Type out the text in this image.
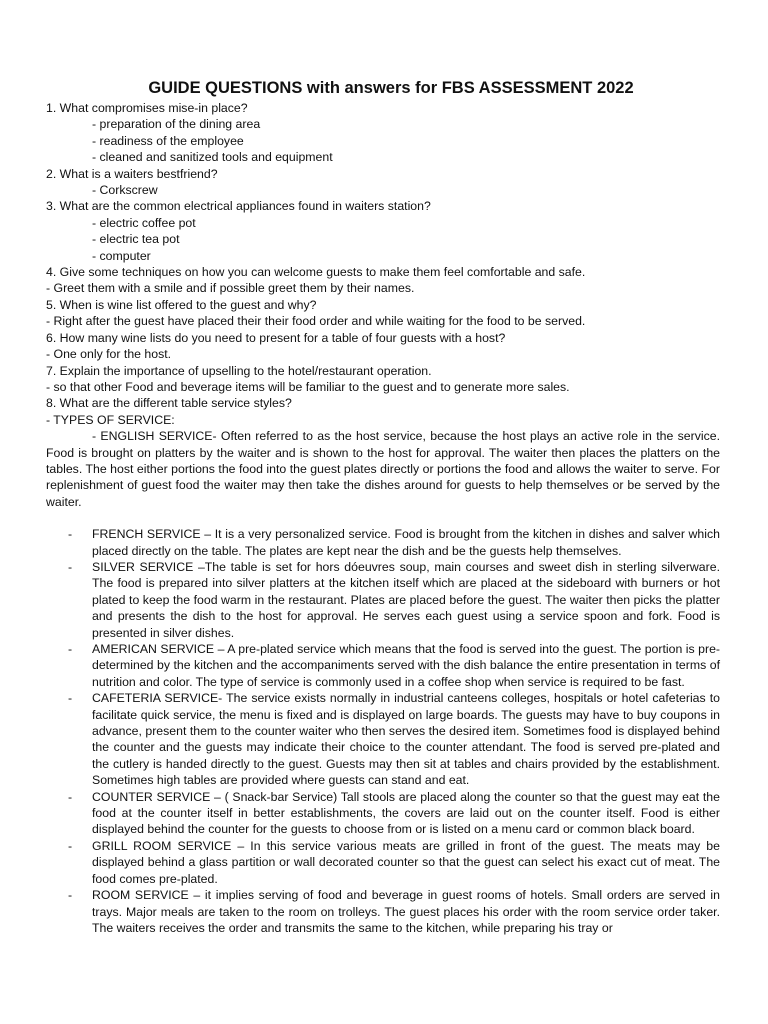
GUIDE QUESTIONS with answers for FBS ASSESSMENT 2022
1. What compromises mise-in place?
- preparation of the dining area
- readiness of the employee
- cleaned and sanitized tools and equipment
2. What is a waiters bestfriend?
- Corkscrew
3. What are the common electrical appliances found in waiters station?
- electric coffee pot
- electric tea pot
- computer
4. Give some techniques on how you can welcome guests to make them feel comfortable and safe.
- Greet them with a smile and if possible greet them by their names.
5. When is wine list offered to the guest and why?
- Right after the guest have placed their their food order and while waiting for the food to be served.
6. How many wine lists do you need to present for a table of four guests with a host?
- One only for the host.
7. Explain the importance of upselling to the hotel/restaurant operation.
- so that other Food and beverage items will be familiar to the guest and to generate more sales.
8. What are the different table service styles?
- TYPES OF SERVICE:
- ENGLISH SERVICE- Often referred to as the host service, because the host plays an active role in the service. Food is brought on platters by the waiter and is shown to the host for approval. The waiter then places the platters on the tables. The host either portions the food into the guest plates directly or portions the food and allows the waiter to serve. For replenishment of guest food the waiter may then take the dishes around for guests to help themselves or be served by the waiter.
- FRENCH SERVICE – It is a very personalized service. Food is brought from the kitchen in dishes and salver which placed directly on the table. The plates are kept near the dish and be the guests help themselves.
- SILVER SERVICE –The table is set for hors dóeuvres soup, main courses and sweet dish in sterling silverware. The food is prepared into silver platters at the kitchen itself which are placed at the sideboard with burners or hot plated to keep the food warm in the restaurant. Plates are placed before the guest. The waiter then picks the platter and presents the dish to the host for approval. He serves each guest using a service spoon and fork. Food is presented in silver dishes.
- AMERICAN SERVICE – A pre-plated service which means that the food is served into the guest. The portion is pre-determined by the kitchen and the accompaniments served with the dish balance the entire presentation in terms of nutrition and color. The type of service is commonly used in a coffee shop when service is required to be fast.
- CAFETERIA SERVICE- The service exists normally in industrial canteens colleges, hospitals or hotel cafeterias to facilitate quick service, the menu is fixed and is displayed on large boards. The guests may have to buy coupons in advance, present them to the counter waiter who then serves the desired item. Sometimes food is displayed behind the counter and the guests may indicate their choice to the counter attendant. The food is served pre-plated and the cutlery is handed directly to the guest. Guests may then sit at tables and chairs provided by the establishment. Sometimes high tables are provided where guests can stand and eat.
- COUNTER SERVICE – ( Snack-bar Service) Tall stools are placed along the counter so that the guest may eat the food at the counter itself in better establishments, the covers are laid out on the counter itself. Food is either displayed behind the counter for the guests to choose from or is listed on a menu card or common black board.
- GRILL ROOM SERVICE – In this service various meats are grilled in front of the guest. The meats may be displayed behind a glass partition or wall decorated counter so that the guest can select his exact cut of meat. The food comes pre-plated.
- ROOM SERVICE – it implies serving of food and beverage in guest rooms of hotels. Small orders are served in trays. Major meals are taken to the room on trolleys. The guest places his order with the room service order taker. The waiters receives the order and transmits the same to the kitchen, while preparing his tray or
